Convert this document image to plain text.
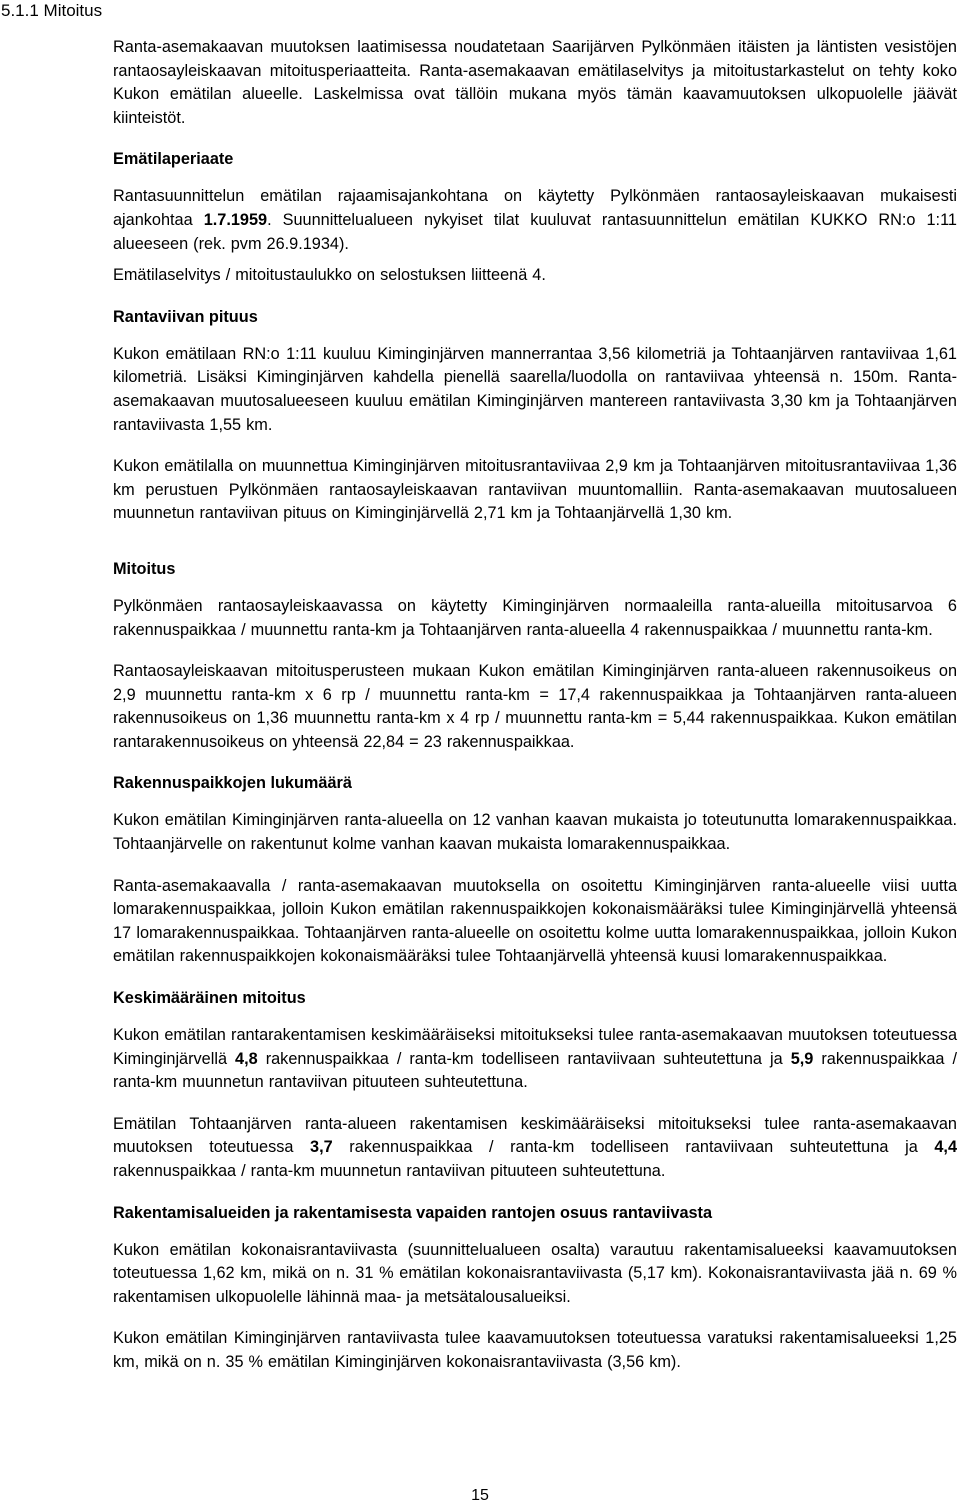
5.1.1 Mitoitus

Ranta-asemakaavan muutoksen laatimisessa noudatetaan Saarijärven Pylkönmäen itäisten ja läntisten vesistöjen rantaosayleiskaavan mitoitusperiaatteita. Ranta-asemakaavan emätilaselvitys ja mitoitustarkastelut on tehty koko Kukon emätilan alueelle. Laskelmissa ovat tällöin mukana myös tämän kaavamuutoksen ulkopuolelle jäävät kiinteistöt.

Emätilaperiaate

Rantasuunnittelun emätilan rajaamisajankohtana on käytetty Pylkönmäen rantaosayleiskaavan mukaisesti ajankohtaa 1.7.1959. Suunnittelualueen nykyiset tilat kuuluvat rantasuunnittelun emätilan KUKKO RN:o 1:11 alueeseen (rek. pvm 26.9.1934).

Emätilaselvitys / mitoitustaulukko on selostuksen liitteenä 4.

Rantaviivan pituus

Kukon emätilaan RN:o 1:11 kuuluu Kiminginjärven mannerrantaa 3,56 kilometriä ja Tohtaanjärven rantaviivaa 1,61 kilometriä. Lisäksi Kiminginjärven kahdella pienellä saarella/luodolla on rantaviivaa yhteensä n. 150m. Ranta-asemakaavan muutosalueeseen kuuluu emätilan Kiminginjärven mantereen rantaviivasta 3,30 km ja Tohtaanjärven rantaviivasta 1,55 km.

Kukon emätilalla on muunnettua Kiminginjärven mitoitusrantaviivaa 2,9 km ja Tohtaanjärven mitoitusrantaviivaa 1,36 km perustuen Pylkönmäen rantaosayleiskaavan rantaviivan muuntomalliin. Ranta-asemakaavan muutosalueen muunnetun rantaviivan pituus on Kiminginjärvellä 2,71 km ja Tohtaanjärvellä 1,30 km.

Mitoitus

Pylkönmäen rantaosayleiskaavassa on käytetty Kiminginjärven normaaleilla ranta-alueilla mitoitusarvoa 6 rakennuspaikkaa / muunnettu ranta-km ja Tohtaanjärven ranta-alueella 4 rakennuspaikkaa / muunnettu ranta-km.

Rantaosayleiskaavan mitoitusperusteen mukaan Kukon emätilan Kiminginjärven ranta-alueen rakennusoikeus on 2,9 muunnettu ranta-km x 6 rp / muunnettu ranta-km = 17,4 rakennuspaikkaa ja Tohtaanjärven ranta-alueen rakennusoikeus on 1,36 muunnettu ranta-km x 4 rp / muunnettu ranta-km = 5,44 rakennuspaikkaa. Kukon emätilan rantarakennusoikeus on yhteensä 22,84 = 23 rakennuspaikkaa.

Rakennuspaikkojen lukumäärä

Kukon emätilan Kiminginjärven ranta-alueella on 12 vanhan kaavan mukaista jo toteutunutta lomarakennuspaikkaa. Tohtaanjärvelle on rakentunut kolme vanhan kaavan mukaista lomarakennuspaikkaa.

Ranta-asemakaavalla / ranta-asemakaavan muutoksella on osoitettu Kiminginjärven ranta-alueelle viisi uutta lomarakennuspaikkaa, jolloin Kukon emätilan rakennuspaikkojen kokonaismääräksi tulee Kiminginjärvellä yhteensä 17 lomarakennuspaikkaa. Tohtaanjärven ranta-alueelle on osoitettu kolme uutta lomarakennuspaikkaa, jolloin Kukon emätilan rakennuspaikkojen kokonaismääräksi tulee Tohtaanjärvellä yhteensä kuusi lomarakennuspaikkaa.

Keskimääräinen mitoitus

Kukon emätilan rantarakentamisen keskimääräiseksi mitoitukseksi tulee ranta-asemakaavan muutoksen toteutuessa Kiminginjärvellä 4,8 rakennuspaikkaa / ranta-km todelliseen rantaviivaan suhteutettuna ja 5,9 rakennuspaikkaa / ranta-km muunnetun rantaviivan pituuteen suhteutettuna.

Emätilan Tohtaanjärven ranta-alueen rakentamisen keskimääräiseksi mitoitukseksi tulee ranta-asemakaavan muutoksen toteutuessa 3,7 rakennuspaikkaa / ranta-km todelliseen rantaviivaan suhteutettuna ja 4,4 rakennuspaikkaa / ranta-km muunnetun rantaviivan pituuteen suhteutettuna.

Rakentamisalueiden ja rakentamisesta vapaiden rantojen osuus rantaviivasta

Kukon emätilan kokonaisrantaviivasta (suunnittelualueen osalta) varautuu rakentamisalueeksi kaavamuutoksen toteutuessa 1,62 km, mikä on n. 31 % emätilan kokonaisrantaviivasta (5,17 km). Kokonaisrantaviivasta jää n. 69 % rakentamisen ulkopuolelle lähinnä maa- ja metsätalousalueiksi.

Kukon emätilan Kiminginjärven rantaviivasta tulee kaavamuutoksen toteutuessa varatuksi rakentamisalueeksi 1,25 km, mikä on n. 35 % emätilan Kiminginjärven kokonaisrantaviivasta (3,56 km).

15
